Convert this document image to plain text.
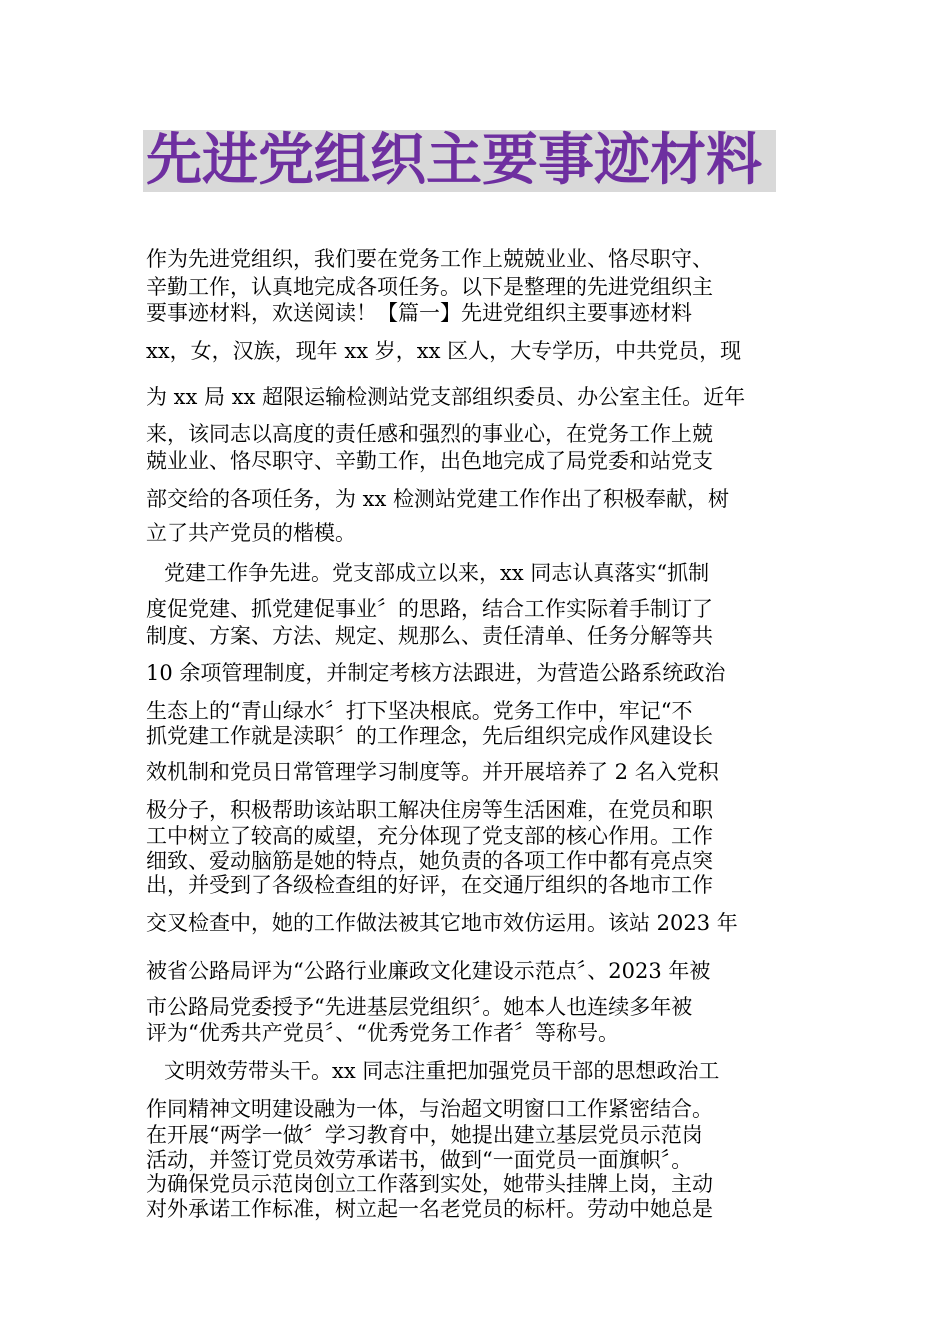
先进党组织主要事迹材料

作为先进党组织，我们要在党务工作上兢兢业业、恪尽职守、

辛勤工作，认真地完成各项任务。以下是整理的先进党组织主

要事迹材料，欢送阅读！【篇一】先进党组织主要事迹材料

xx，女，汉族，现年 xx 岁，xx 区人，大专学历，中共党员，现

为 xx 局 xx 超限运输检测站党支部组织委员、办公室主任。近年

来，该同志以高度的责任感和强烈的事业心，在党务工作上兢

兢业业、恪尽职守、辛勤工作，出色地完成了局党委和站党支

部交给的各项任务，为 xx 检测站党建工作作出了积极奉献，树

立了共产党员的楷模。

党建工作争先进。党支部成立以来，xx 同志认真落实“抓制

度促党建、抓党建促事业〞的思路，结合工作实际着手制订了

制度、方案、方法、规定、规那么、责任清单、任务分解等共

10 余项管理制度，并制定考核方法跟进，为营造公路系统政治

生态上的“青山绿水〞打下坚决根底。党务工作中，牢记“不

抓党建工作就是渎职〞的工作理念，先后组织完成作风建设长

效机制和党员日常管理学习制度等。并开展培养了 2 名入党积

极分子，积极帮助该站职工解决住房等生活困难，在党员和职

工中树立了较高的威望，充分体现了党支部的核心作用。工作

细致、爱动脑筋是她的特点，她负责的各项工作中都有亮点突

出，并受到了各级检查组的好评，在交通厅组织的各地市工作

交叉检查中，她的工作做法被其它地市效仿运用。该站 2023 年

被省公路局评为“公路行业廉政文化建设示范点〞、2023 年被

市公路局党委授予“先进基层党组织〞。她本人也连续多年被

评为“优秀共产党员〞、“优秀党务工作者〞等称号。

文明效劳带头干。xx 同志注重把加强党员干部的思想政治工

作同精神文明建设融为一体，与治超文明窗口工作紧密结合。

在开展“两学一做〞学习教育中，她提出建立基层党员示范岗

活动，并签订党员效劳承诺书，做到“一面党员一面旗帜〞。

为确保党员示范岗创立工作落到实处，她带头挂牌上岗，主动

对外承诺工作标准，树立起一名老党员的标杆。劳动中她总是
